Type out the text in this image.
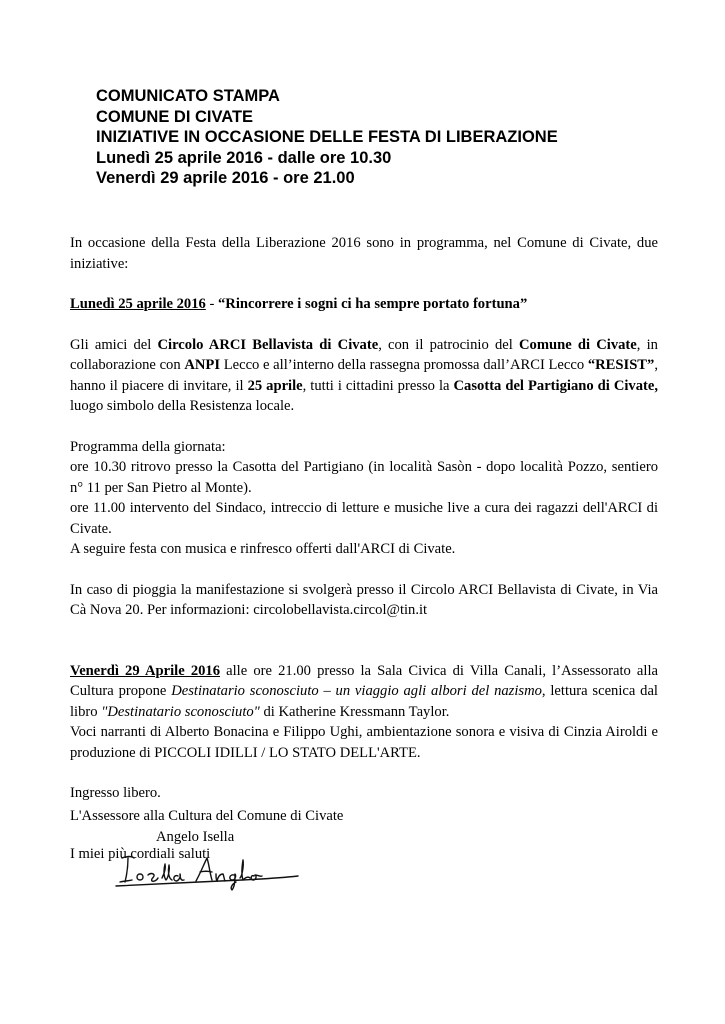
COMUNICATO STAMPA
COMUNE DI CIVATE
INIZIATIVE IN OCCASIONE DELLE FESTA DI LIBERAZIONE
Lunedì 25 aprile 2016 - dalle ore 10.30
Venerdì 29 aprile 2016 - ore 21.00

In occasione della Festa della Liberazione 2016 sono in programma, nel Comune di Civate, due iniziative:

Lunedì 25 aprile 2016 - “Rincorrere i sogni ci ha sempre portato fortuna”

Gli amici del Circolo ARCI Bellavista di Civate, con il patrocinio del Comune di Civate, in collaborazione con ANPI Lecco e all’interno della rassegna promossa dall’ARCI Lecco “RESIST”, hanno il piacere di invitare, il 25 aprile, tutti i cittadini presso la Casotta del Partigiano di Civate, luogo simbolo della Resistenza locale.

Programma della giornata:

ore 10.30 ritrovo presso la Casotta del Partigiano (in località Sasòn - dopo località Pozzo, sentiero n° 11 per San Pietro al Monte).

ore 11.00 intervento del Sindaco, intreccio di letture e musiche live a cura dei ragazzi dell'ARCI di Civate.

A seguire festa con musica e rinfresco offerti dall'ARCI di Civate.

In caso di pioggia la manifestazione si svolgerà presso il Circolo ARCI Bellavista di Civate, in Via Cà Nova 20. Per informazioni: circolobellavista.circol@tin.it

Venerdì 29 Aprile 2016 alle ore 21.00 presso la Sala Civica di Villa Canali, l’Assessorato alla Cultura propone Destinatario sconosciuto – un viaggio agli albori del nazismo, lettura scenica dal libro "Destinatario sconosciuto" di Katherine Kressmann Taylor.

Voci narranti di Alberto Bonacina e Filippo Ughi, ambientazione sonora e visiva di Cinzia Airoldi e produzione di PICCOLI IDILLI / LO STATO DELL'ARTE.

Ingresso libero.

I miei più cordiali saluti

L'Assessore alla Cultura del Comune di Civate
Angelo Isella
